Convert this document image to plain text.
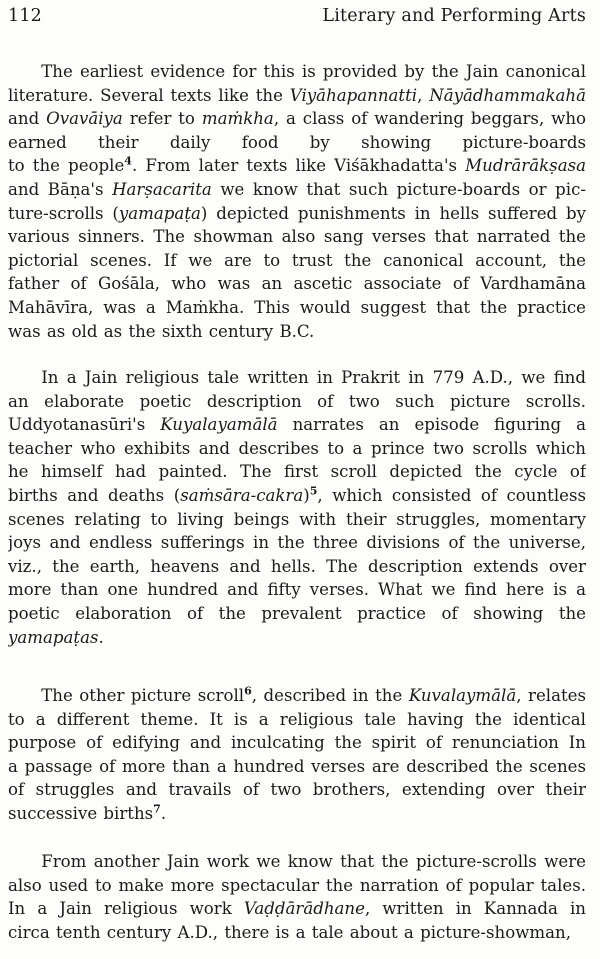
112	Literary and Performing Arts
  The earliest evidence for this is provided by the Jain canonical
literature. Several texts like the Viyāhapannatti, Nāyādhammakahā
and Ovavāiya refer to maṁkha, a class of wandering beggars, who
earned their daily food by showing picture-boards
to the people$^4$. From later texts like Viśākhadatta's Mudrārākṣasa
and Bāṇa's Harṣacarita we know that such picture-boards or pic-
ture-scrolls (yamapaṭa) depicted punishments in hells suffered by
various sinners. The showman also sang verses that narrated the
pictorial scenes. If we are to trust the canonical account, the
father of Gośāla, who was an ascetic associate of Vardhamāna
Mahāvīra, was a Maṁkha. This would suggest that the practice
was as old as the sixth century B.C.
  In a Jain religious tale written in Prakrit in 779 A.D., we find
an elaborate poetic description of two such picture scrolls.
Uddyotanasūri's Kuyalayamālā narrates an episode figuring a
teacher who exhibits and describes to a prince two scrolls which
he himself had painted. The first scroll depicted the cycle of
births and deaths (saṁsāra-cakra)$^5$, which consisted of countless
scenes relating to living beings with their struggles, momentary
joys and endless sufferings in the three divisions of the universe,
viz., the earth, heavens and hells. The description extends over
more than one hundred and fifty verses. What we find here is a
poetic elaboration of the prevalent practice of showing the
yamapaṭas.
  The other picture scroll$^6$, described in the Kuvalaymālā, relates
to a different theme. It is a religious tale having the identical
purpose of edifying and inculcating the spirit of renunciation In
a passage of more than a hundred verses are described the scenes
of struggles and travails of two brothers, extending over their
successive births$^7$.
  From another Jain work we know that the picture-scrolls were
also used to make more spectacular the narration of popular tales.
In a Jain religious work Vaḍḍārādhane, written in Kannada in
circa tenth century A.D., there is a tale about a picture-showman,
